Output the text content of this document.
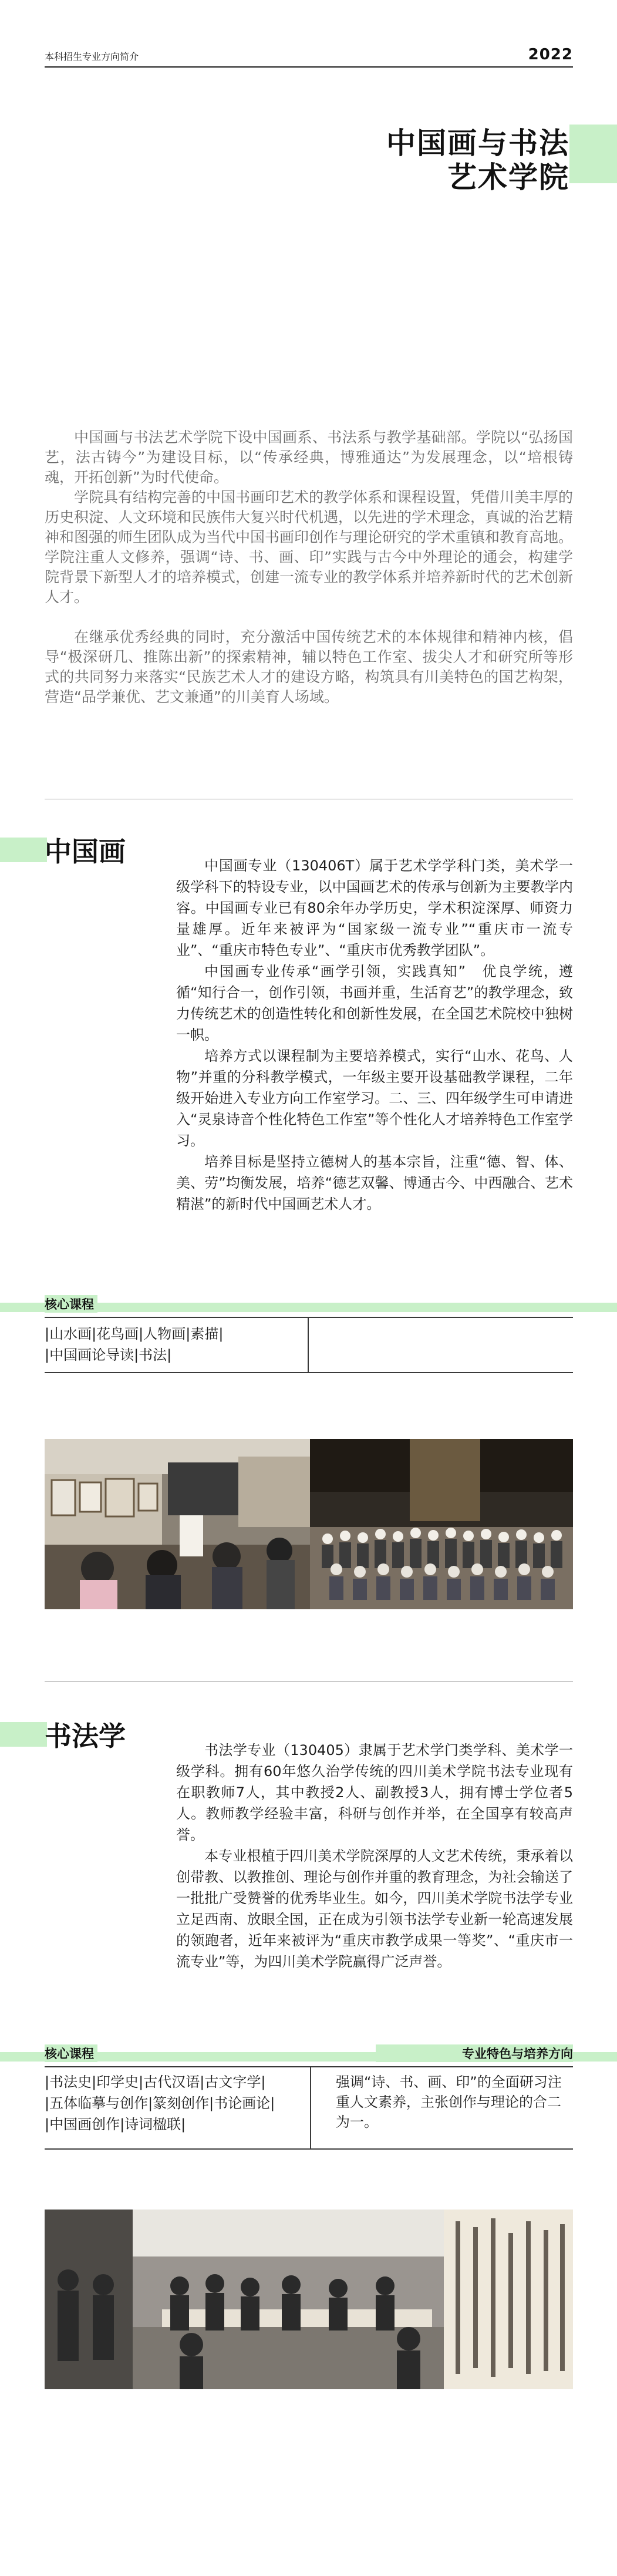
本科招生专业方向简介	2022
中国画与书法
艺术学院

中国画与书法艺术学院下设中国画系、书法系与教学基础部。学院以“弘扬国艺，法古铸今”为建设目标，以“传承经典，博雅通达”为发展理念，以“培根铸魂，开拓创新”为时代使命。

学院具有结构完善的中国书画印艺术的教学体系和课程设置，凭借川美丰厚的历史积淀、人文环境和民族伟大复兴时代机遇，以先进的学术理念，真诚的治艺精神和图强的师生团队成为当代中国书画印创作与理论研究的学术重镇和教育高地。学院注重人文修养，强调“诗、书、画、印”实践与古今中外理论的通会，构建学院背景下新型人才的培养模式，创建一流专业的教学体系并培养新时代的艺术创新人才。

在继承优秀经典的同时，充分激活中国传统艺术的本体规律和精神内核，倡导“极深研几、推陈出新”的探索精神，辅以特色工作室、拔尖人才和研究所等形式的共同努力来落实“民族艺术人才的建设方略，构筑具有川美特色的国艺构架，营造“品学兼优、艺文兼通”的川美育人场域。

中国画	中国画专业（130406T）属于艺术学学科门类，美术学一级学科下的特设专业，以中国画艺术的传承与创新为主要教学内容。中国画专业已有80余年办学历史，学术积淀深厚、师资力量雄厚。近年来被评为“国家级一流专业”“重庆市一流专业”、“重庆市特色专业”、“重庆市优秀教学团队”。

中国画专业传承“画学引领，实践真知”　优良学统，遵循“知行合一，创作引领，书画并重，生活育艺”的教学理念，致力传统艺术的创造性转化和创新性发展，在全国艺术院校中独树一帜。

培养方式以课程制为主要培养模式，实行“山水、花鸟、人物”并重的分科教学模式，一年级主要开设基础教学课程，二年级开始进入专业方向工作室学习。二、三、四年级学生可申请进入“灵泉诗音个性化特色工作室”等个性化人才培养特色工作室学习。

培养目标是坚持立德树人的基本宗旨，注重“德、智、体、美、劳”均衡发展，培养“德艺双馨、博通古今、中西融合、艺术精湛”的新时代中国画艺术人才。

核心课程
|山水画|花鸟画|人物画|素描|
|中国画论导读|书法|
书法学	书法学专业（130405）隶属于艺术学门类学科、美术学一级学科。拥有60年悠久治学传统的四川美术学院书法专业现有在职教师7人，其中教授2人、副教授3人，拥有博士学位者5人。教师教学经验丰富，科研与创作并举，在全国享有较高声誉。

本专业根植于四川美术学院深厚的人文艺术传统，秉承着以创带教、以教推创、理论与创作并重的教育理念，为社会输送了一批批广受赞誉的优秀毕业生。如今，四川美术学院书法学专业立足西南、放眼全国，正在成为引领书法学专业新一轮高速发展的领跑者，近年来被评为“重庆市教学成果一等奖”、“重庆市一流专业”等，为四川美术学院赢得广泛声誉。

核心课程	专业特色与培养方向
|书法史|印学史|古代汉语|古文字学|
|五体临摹与创作|篆刻创作|书论画论|
|中国画创作|诗词楹联|
强调“诗、书、画、印”的全面研习注重人文素养，主张创作与理论的合二为一。
